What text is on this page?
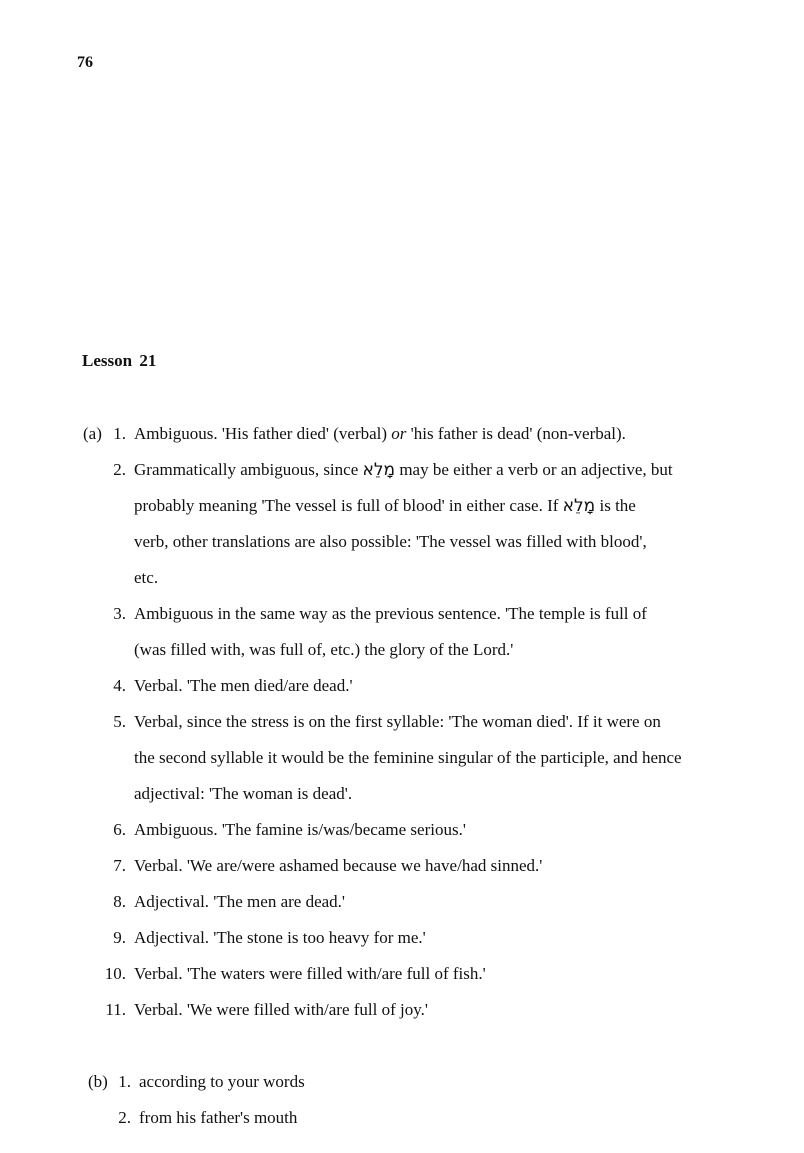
76
Lesson 21
(a) 1. Ambiguous. 'His father died' (verbal) or 'his father is dead' (non-verbal).
2. Grammatically ambiguous, since מָלֵא may be either a verb or an adjective, but
probably meaning 'The vessel is full of blood' in either case. If מָלֵא is the
verb, other translations are also possible: 'The vessel was filled with blood',
etc.
3. Ambiguous in the same way as the previous sentence. 'The temple is full of
(was filled with, was full of, etc.) the glory of the Lord.'
4. Verbal. 'The men died/are dead.'
5. Verbal, since the stress is on the first syllable: 'The woman died'. If it were on
the second syllable it would be the feminine singular of the participle, and hence
adjectival: 'The woman is dead'.
6. Ambiguous. 'The famine is/was/became serious.'
7. Verbal. 'We are/were ashamed because we have/had sinned.'
8. Adjectival. 'The men are dead.'
9. Adjectival. 'The stone is too heavy for me.'
10. Verbal. 'The waters were filled with/are full of fish.'
11. Verbal. 'We were filled with/are full of joy.'
(b) 1. according to your words
2. from his father's mouth
